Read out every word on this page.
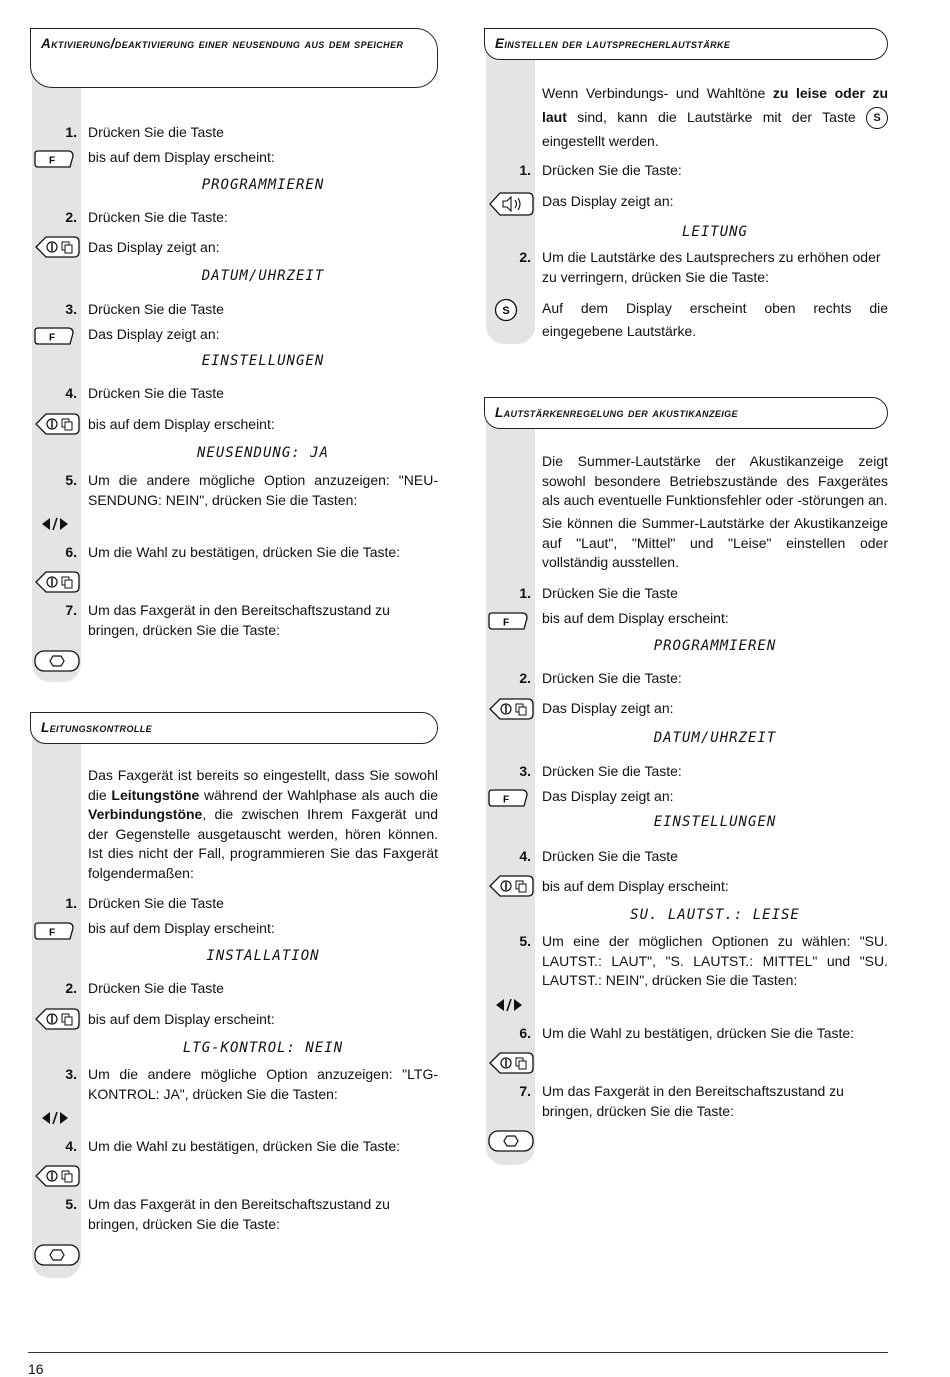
Aktivierung/deaktivierung einer neusendung aus dem speicher
1. Drücken Sie die Taste
F bis auf dem Display erscheint:
PROGRAMMIEREN
2. Drücken Sie die Taste:
Das Display zeigt an:
DATUM/UHRZEIT
3. Drücken Sie die Taste
F Das Display zeigt an:
EINSTELLUNGEN
4. Drücken Sie die Taste
bis auf dem Display erscheint:
NEUSENDUNG: JA
5. Um die andere mögliche Option anzuzeigen: "NEU-SENDUNG: NEIN", drücken Sie die Tasten:
6. Um die Wahl zu bestätigen, drücken Sie die Taste:
7. Um das Faxgerät in den Bereitschaftszustand zu bringen, drücken Sie die Taste:
Leitungskontrolle
Das Faxgerät ist bereits so eingestellt, dass Sie sowohl die Leitungstöne während der Wahlphase als auch die Verbindungstöne, die zwischen Ihrem Faxgerät und der Gegenstelle ausgetauscht werden, hören können. Ist dies nicht der Fall, programmieren Sie das Faxgerät folgendermaßen:
1. Drücken Sie die Taste
F bis auf dem Display erscheint:
INSTALLATION
2. Drücken Sie die Taste
bis auf dem Display erscheint:
LTG-KONTROL: NEIN
3. Um die andere mögliche Option anzuzeigen: "LTG-KONTROL: JA", drücken Sie die Tasten:
4. Um die Wahl zu bestätigen, drücken Sie die Taste:
5. Um das Faxgerät in den Bereitschaftszustand zu bringen, drücken Sie die Taste:
Einstellen der lautsprecherlautstärke
Wenn Verbindungs- und Wahltöne zu leise oder zu laut sind, kann die Lautstärke mit der Taste S eingestellt werden.
1. Drücken Sie die Taste:
Das Display zeigt an:
LEITUNG
2. Um die Lautstärke des Lautsprechers zu erhöhen oder zu verringern, drücken Sie die Taste:
S Auf dem Display erscheint oben rechts die eingegebene Lautstärke.
Lautstärkenregelung der akustikanzeige
Die Summer-Lautstärke der Akustikanzeige zeigt sowohl besondere Betriebszustände des Faxgerätes als auch eventuelle Funktionsfehler oder -störungen an.
Sie können die Summer-Lautstärke der Akustikanzeige auf "Laut", "Mittel" und "Leise" einstellen oder vollständig ausstellen.
1. Drücken Sie die Taste
F bis auf dem Display erscheint:
PROGRAMMIEREN
2. Drücken Sie die Taste:
Das Display zeigt an:
DATUM/UHRZEIT
3. Drücken Sie die Taste:
F Das Display zeigt an:
EINSTELLUNGEN
4. Drücken Sie die Taste
bis auf dem Display erscheint:
SU. LAUTST.: LEISE
5. Um eine der möglichen Optionen zu wählen: "SU. LAUTST.: LAUT", "S. LAUTST.: MITTEL" und "SU. LAUTST.: NEIN", drücken Sie die Tasten:
6. Um die Wahl zu bestätigen, drücken Sie die Taste:
7. Um das Faxgerät in den Bereitschaftszustand zu bringen, drücken Sie die Taste:
16
